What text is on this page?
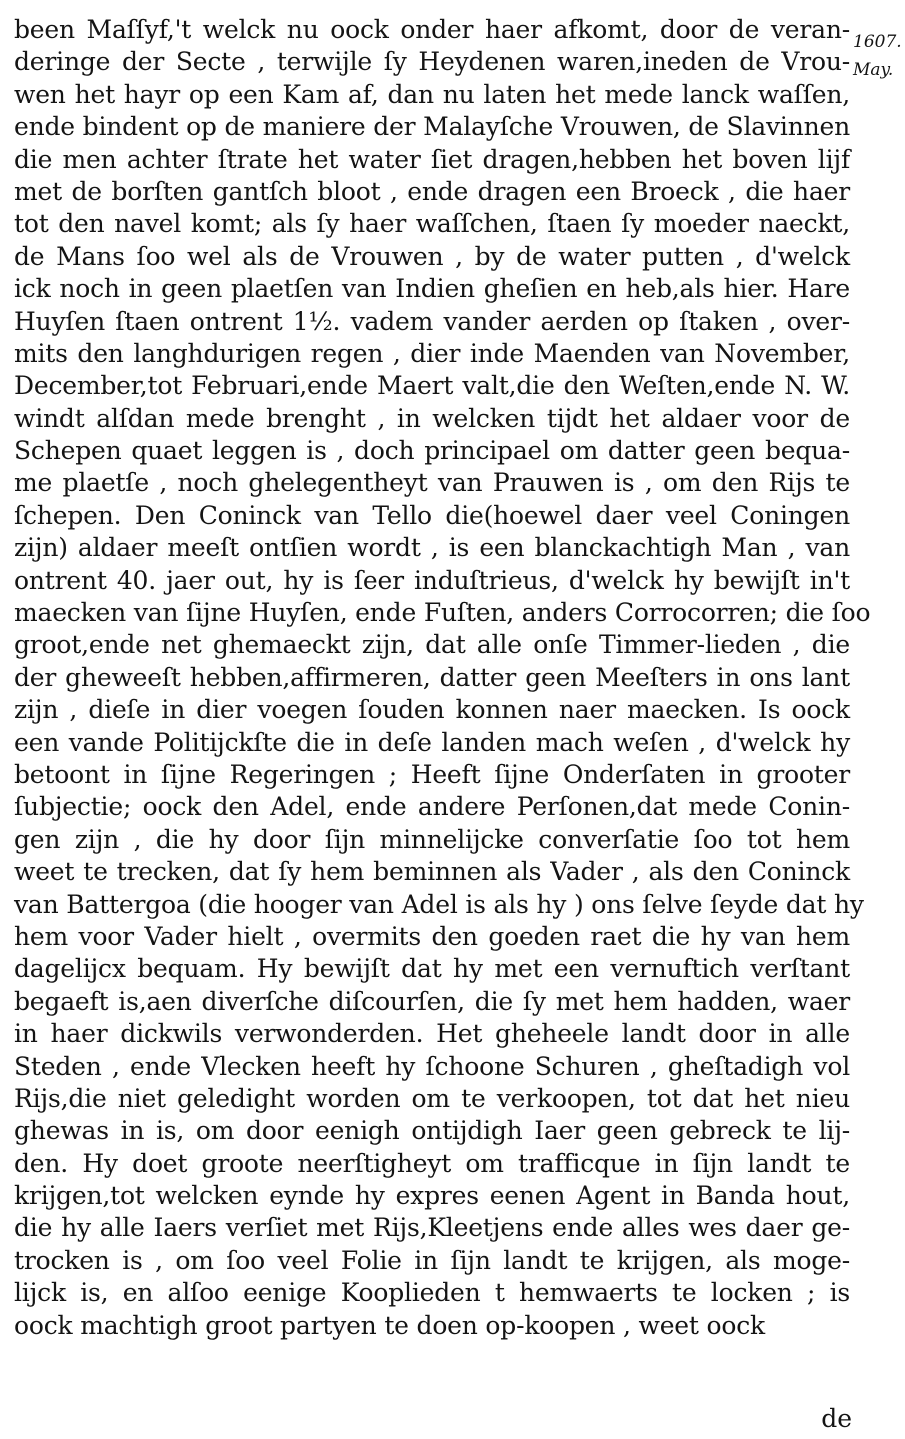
been Maſſyf,'t welck nu oock onder haer afkomt, door de veran-
deringe der Secte , terwijle ſy Heydenen waren,ineden de Vrou-
wen het hayr op een Kam af, dan nu laten het mede lanck waſſen,
ende bindent op de maniere der Malayſche Vrouwen, de Slavinnen
die men achter ſtrate het water ſiet dragen,hebben het boven lijf
met de borſten gantſch bloot , ende dragen een Broeck , die haer
tot den navel komt; als ſy haer waſſchen, ſtaen ſy moeder naeckt,
de Mans ſoo wel als de Vrouwen , by de water putten , d'welck
ick noch in geen plaetſen van Indien gheſien en heb,als hier. Hare
Huyſen ſtaen ontrent 1½. vadem vander aerden op ſtaken , over-
mits den langhdurigen regen , dier inde Maenden van November,
December,tot Februari,ende Maert valt,die den Weſten,ende N. W.
windt alſdan mede brenght , in welcken tijdt het aldaer voor de
Schepen quaet leggen is , doch principael om datter geen bequa-
me plaetſe , noch ghelegentheyt van Prauwen is , om den Rijs te
ſchepen. Den Coninck van Tello die(hoewel daer veel Coningen
zijn) aldaer meeſt ontſien wordt , is een blanckachtigh Man , van
ontrent 40. jaer out, hy is ſeer induſtrieus, d'welck hy bewijſt in't
maecken van ſijne Huyſen, ende Fuſten, anders Corrocorren; die ſoo
groot,ende net ghemaeckt zijn, dat alle onſe Timmer-lieden , die
der gheweeſt hebben,affirmeren, datter geen Meeſters in ons lant
zijn , dieſe in dier voegen ſouden konnen naer maecken. Is oock
een vande Politijckſte die in deſe landen mach weſen , d'welck hy
betoont in ſijne Regeringen ; Heeft ſijne Onderſaten in grooter
ſubjectie; oock den Adel, ende andere Perſonen,dat mede Conin-
gen zijn , die hy door ſijn minnelijcke converſatie ſoo tot hem
weet te trecken, dat ſy hem beminnen als Vader , als den Coninck
van Battergoa (die hooger van Adel is als hy ) ons ſelve ſeyde dat hy
hem voor Vader hielt , overmits den goeden raet die hy van hem
dagelijcx bequam. Hy bewijſt dat hy met een vernuftich verſtant
begaeft is,aen diverſche diſcourſen, die ſy met hem hadden, waer
in haer dickwils verwonderden. Het gheheele landt door in alle
Steden , ende Vlecken heeft hy ſchoone Schuren , gheſtadigh vol
Rijs,die niet geledight worden om te verkoopen, tot dat het nieu
ghewas in is, om door eenigh ontijdigh Iaer geen gebreck te lij-
den. Hy doet groote neerſtigheyt om trafficque in ſijn landt te
krijgen,tot welcken eynde hy expres eenen Agent in Banda hout,
die hy alle Iaers verſiet met Rijs,Kleetjens ende alles wes daer ge-
trocken is , om ſoo veel Folie in ſijn landt te krijgen, als moge-
lijck is, en alſoo eenige Kooplieden t hemwaerts te locken ; is
oock machtigh groot partyen te doen op-koopen , weet oock
1607.
May.
de
